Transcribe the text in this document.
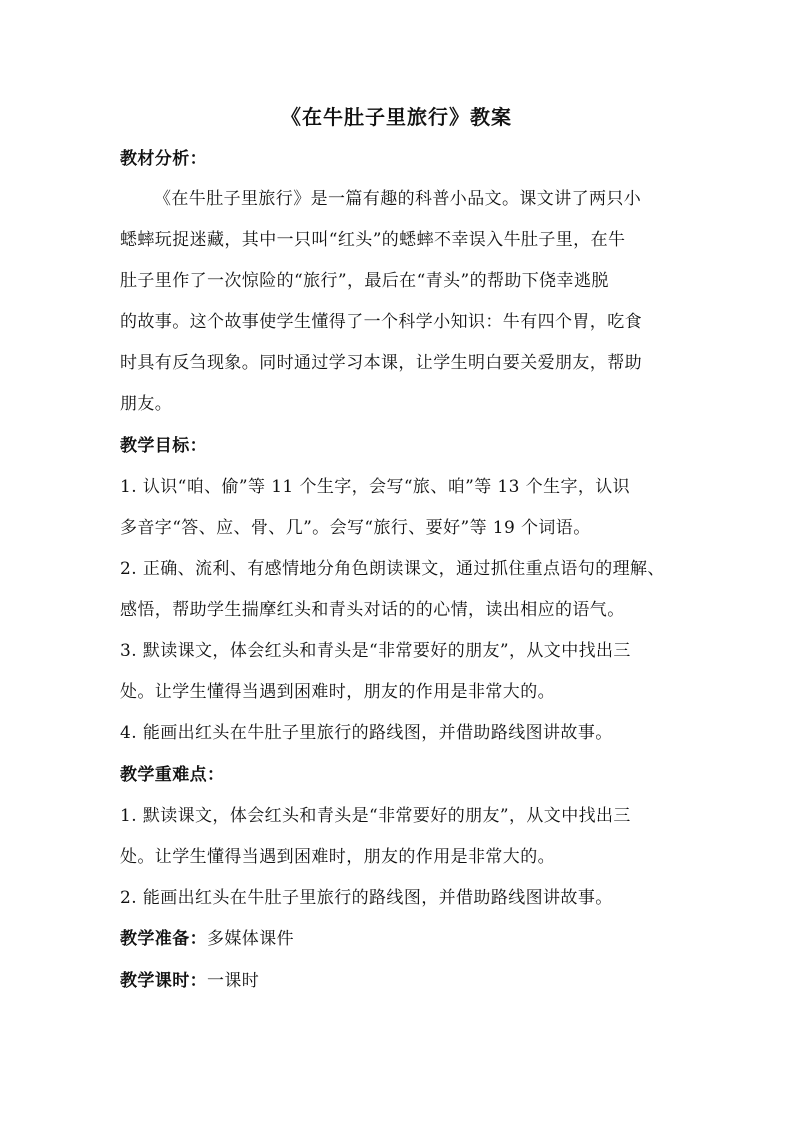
《在牛肚子里旅行》教案
教材分析：
《在牛肚子里旅行》是一篇有趣的科普小品文。课文讲了两只小
蟋蟀玩捉迷藏，其中一只叫“红头”的蟋蟀不幸误入牛肚子里，在牛
肚子里作了一次惊险的“旅行”，最后在“青头”的帮助下侥幸逃脱
的故事。这个故事使学生懂得了一个科学小知识：牛有四个胃，吃食
时具有反刍现象。同时通过学习本课，让学生明白要关爱朋友，帮助
朋友。
教学目标：
1. 认识“咱、偷”等 11 个生字，会写“旅、咱”等 13 个生字，认识
多音字“答、应、骨、几”。会写“旅行、要好”等 19 个词语。
2. 正确、流利、有感情地分角色朗读课文，通过抓住重点语句的理解、
感悟，帮助学生揣摩红头和青头对话的的心情，读出相应的语气。
3. 默读课文，体会红头和青头是“非常要好的朋友”，从文中找出三
处。让学生懂得当遇到困难时，朋友的作用是非常大的。
4. 能画出红头在牛肚子里旅行的路线图，并借助路线图讲故事。
教学重难点：
1. 默读课文，体会红头和青头是“非常要好的朋友”，从文中找出三
处。让学生懂得当遇到困难时，朋友的作用是非常大的。
2. 能画出红头在牛肚子里旅行的路线图，并借助路线图讲故事。
教学准备：多媒体课件
教学课时：一课时
